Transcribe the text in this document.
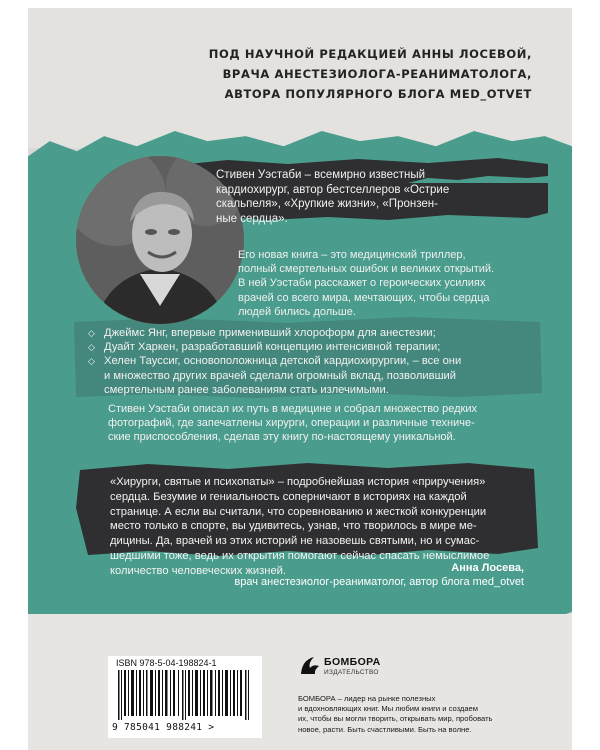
ПОД НАУЧНОЙ РЕДАКЦИЕЙ АННЫ ЛОСЕВОЙ,
ВРАЧА АНЕСТЕЗИОЛОГА-РЕАНИМАТОЛОГА,
АВТОРА ПОПУЛЯРНОГО БЛОГА MED_OTVET
Стивен Уэстаби – всемирно известный
кардиохирург, автор бестселлеров «Острие
скальпеля», «Хрупкие жизни», «Пронзен-
ные сердца».
Его новая книга – это медицинский триллер,
полный смертельных ошибок и великих открытий.
В ней Уэстаби расскажет о героических усилиях
врачей со всего мира, мечтающих, чтобы сердца
людей бились дольше.
◇ Джеймс Янг, впервые применивший хлороформ для анестезии;
◇ Дуайт Харкен, разработавший концепцию интенсивной терапии;
◇ Хелен Тауссиг, основоположница детской кардиохирургии, – все они
и множество других врачей сделали огромный вклад, позволивший
смертельным ранее заболеваниям стать излечимыми.
Стивен Уэстаби описал их путь в медицине и собрал множество редких
фотографий, где запечатлены хирурги, операции и различные техниче-
ские приспособления, сделав эту книгу по-настоящему уникальной.
«Хирурги, святые и психопаты» – подробнейшая история «приручения»
сердца. Безумие и гениальность соперничают в историях на каждой
странице. А если вы считали, что соревнованию и жесткой конкуренции
место только в спорте, вы удивитесь, узнав, что творилось в мире ме-
дицины. Да, врачей из этих историй не назовешь святыми, но и сумас-
шедшими тоже, ведь их открытия помогают сейчас спасать немыслимое
количество человеческих жизней.	Анна Лосева,
врач анестезиолог-реаниматолог, автор блога med_otvet
ISBN 978-5-04-198824-1
9 785041 988241 >
БОМБОРА
ИЗДАТЕЛЬСТВО
БОМБОРА – лидер на рынке полезных
и вдохновляющих книг. Мы любим книги и создаем
их, чтобы вы могли творить, открывать мир, пробовать
новое, расти. Быть счастливыми. Быть на волне.
